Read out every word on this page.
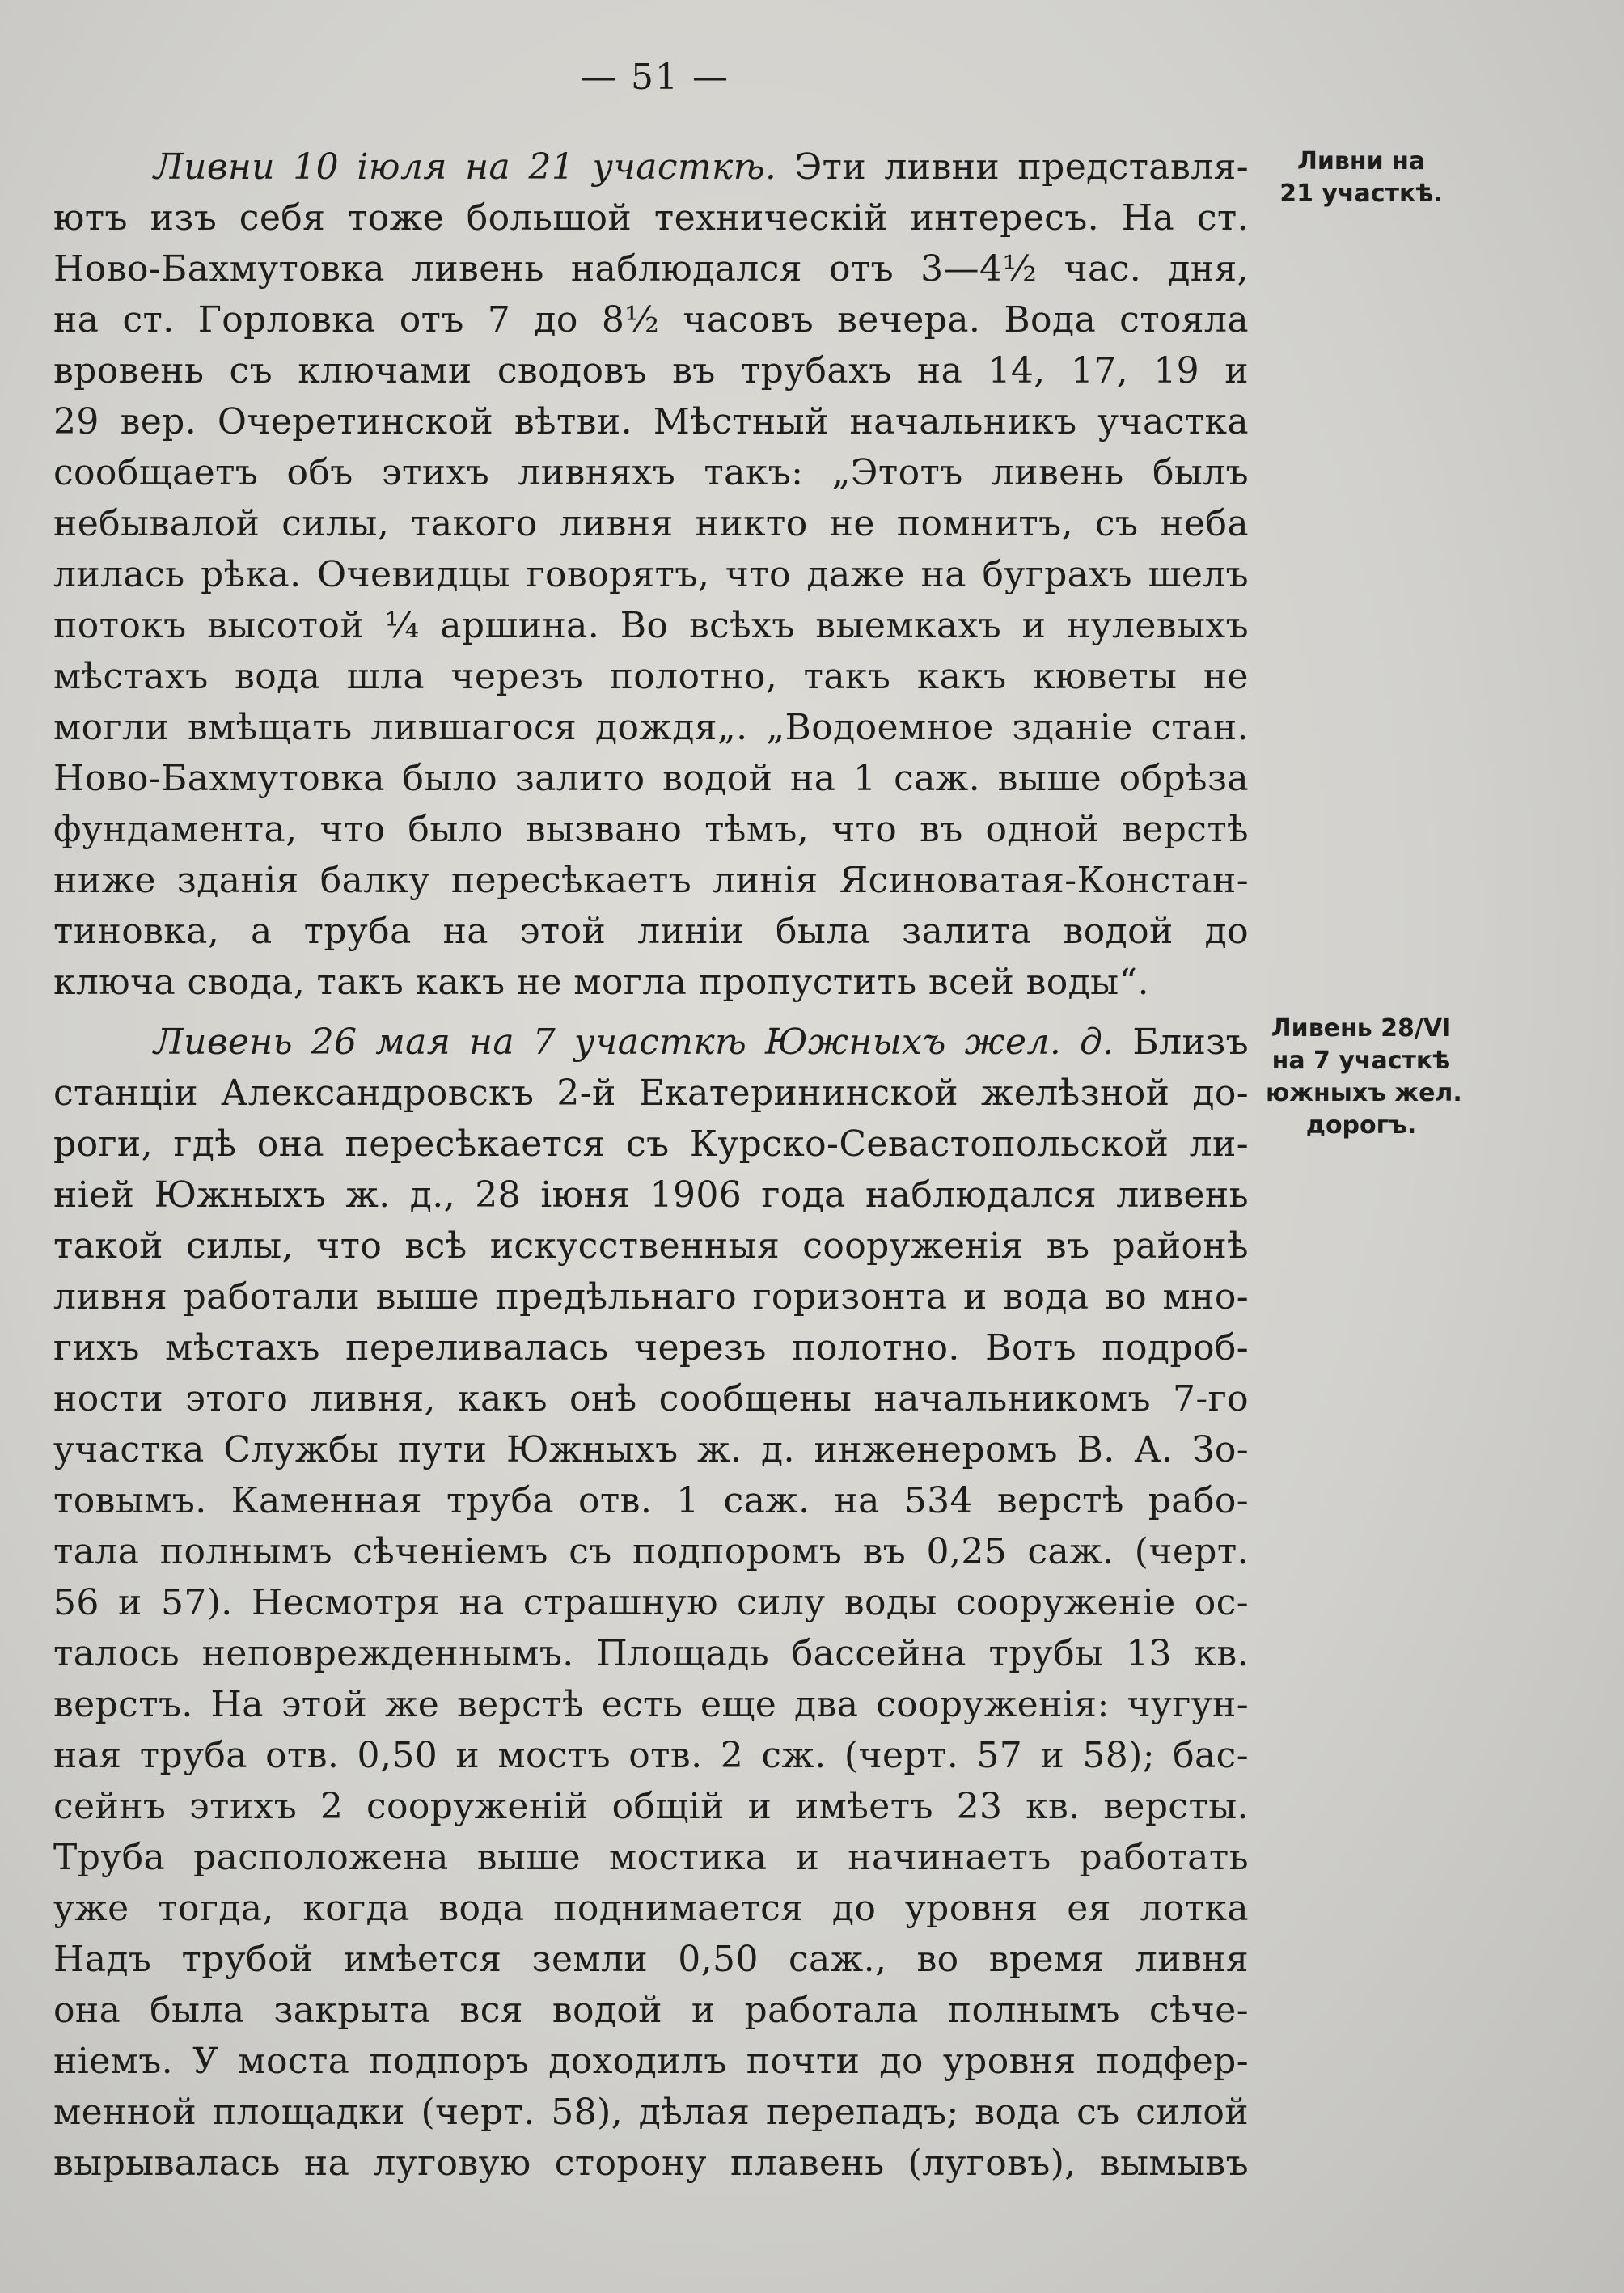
— 51 —
Ливни 10 іюля на 21 участкѣ. Эти ливни представля-
ютъ изъ себя тоже большой техническій интересъ. На ст.
Ново-Бахмутовка ливень наблюдался отъ 3—4½ час. дня,
на ст. Горловка отъ 7 до 8½ часовъ вечера. Вода стояла
вровень съ ключами сводовъ въ трубахъ на 14, 17, 19 и
29 вер. Очеретинской вѣтви. Мѣстный начальникъ участка
сообщаетъ объ этихъ ливняхъ такъ: „Этотъ ливень былъ
небывалой силы, такого ливня никто не помнитъ, съ неба
лилась рѣка. Очевидцы говорятъ, что даже на буграхъ шелъ
потокъ высотой ¼ аршина. Во всѣхъ выемкахъ и нулевыхъ
мѣстахъ вода шла черезъ полотно, такъ какъ кюветы не
могли вмѣщать лившагося дождя„. „Водоемное зданіе стан.
Ново-Бахмутовка было залито водой на 1 саж. выше обрѣза
фундамента, что было вызвано тѣмъ, что въ одной верстѣ
ниже зданія балку пересѣкаетъ линія Ясиноватая-Констан-
тиновка, а труба на этой линіи была залита водой до
ключа свода, такъ какъ не могла пропустить всей воды“.
Ливень 26 мая на 7 участкѣ Южныхъ жел. д. Близъ
станціи Александровскъ 2-й Екатерининской желѣзной до-
роги, гдѣ она пересѣкается съ Курско-Севастопольской ли-
ніей Южныхъ ж. д., 28 іюня 1906 года наблюдался ливень
такой силы, что всѣ искусственныя сооруженія въ районѣ
ливня работали выше предѣльнаго горизонта и вода во мно-
гихъ мѣстахъ переливалась черезъ полотно. Вотъ подроб-
ности этого ливня, какъ онѣ сообщены начальникомъ 7-го
участка Службы пути Южныхъ ж. д. инженеромъ В. А. Зо-
товымъ. Каменная труба отв. 1 саж. на 534 верстѣ рабо-
тала полнымъ сѣченіемъ съ подпоромъ въ 0,25 саж. (черт.
56 и 57). Несмотря на страшную силу воды сооруженіе ос-
талось неповрежденнымъ. Площадь бассейна трубы 13 кв.
верстъ. На этой же верстѣ есть еще два сооруженія: чугун-
ная труба отв. 0,50 и мостъ отв. 2 сж. (черт. 57 и 58); бас-
сейнъ этихъ 2 сооруженій общій и имѣетъ 23 кв. версты.
Труба расположена выше мостика и начинаетъ работать
уже тогда, когда вода поднимается до уровня ея лотка
Надъ трубой имѣется земли 0,50 саж., во время ливня
она была закрыта вся водой и работала полнымъ сѣче-
ніемъ. У моста подпоръ доходилъ почти до уровня подфер-
менной площадки (черт. 58), дѣлая перепадъ; вода съ силой
вырывалась на луговую сторону плавень (луговъ), вымывъ
Ливни на
21 участкѣ.
Ливень 28/VI
на 7 участкѣ
южныхъ жел.
дорогъ.
